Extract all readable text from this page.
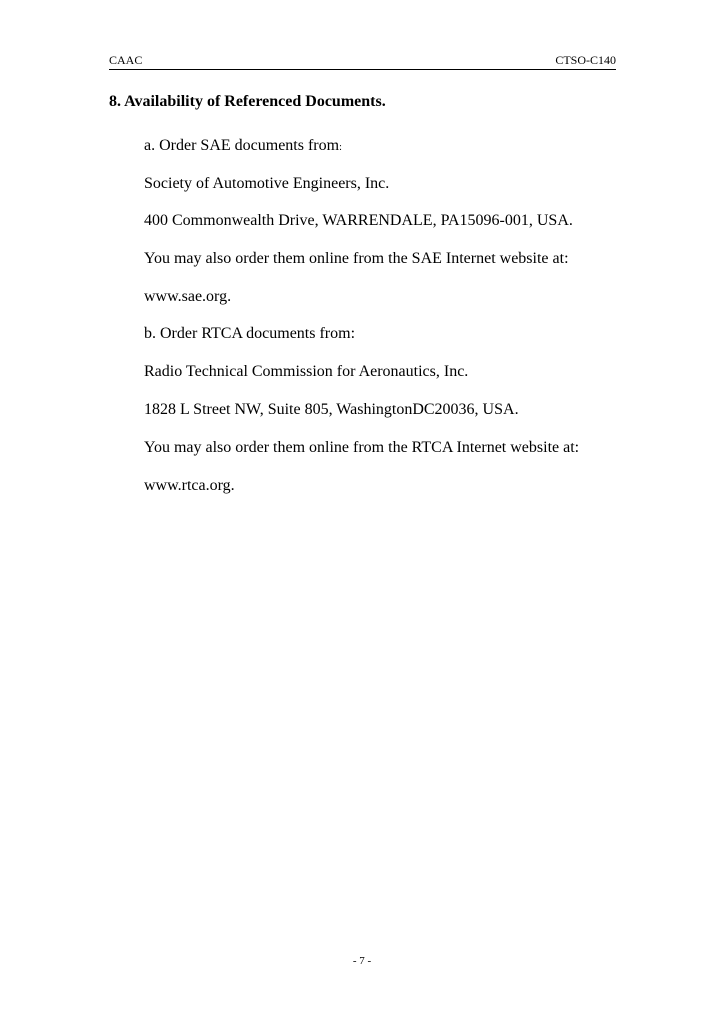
CAAC	CTSO-C140
8. Availability of Referenced Documents.

a. Order SAE documents from:

Society of Automotive Engineers, Inc.

400 Commonwealth Drive, WARRENDALE, PA15096-001, USA.

You may also order them online from the SAE Internet website at:

www.sae.org.

b. Order RTCA documents from:

Radio Technical Commission for Aeronautics, Inc.

1828 L Street NW, Suite 805, WashingtonDC20036, USA.

You may also order them online from the RTCA Internet website at:

www.rtca.org.

- 7 -
